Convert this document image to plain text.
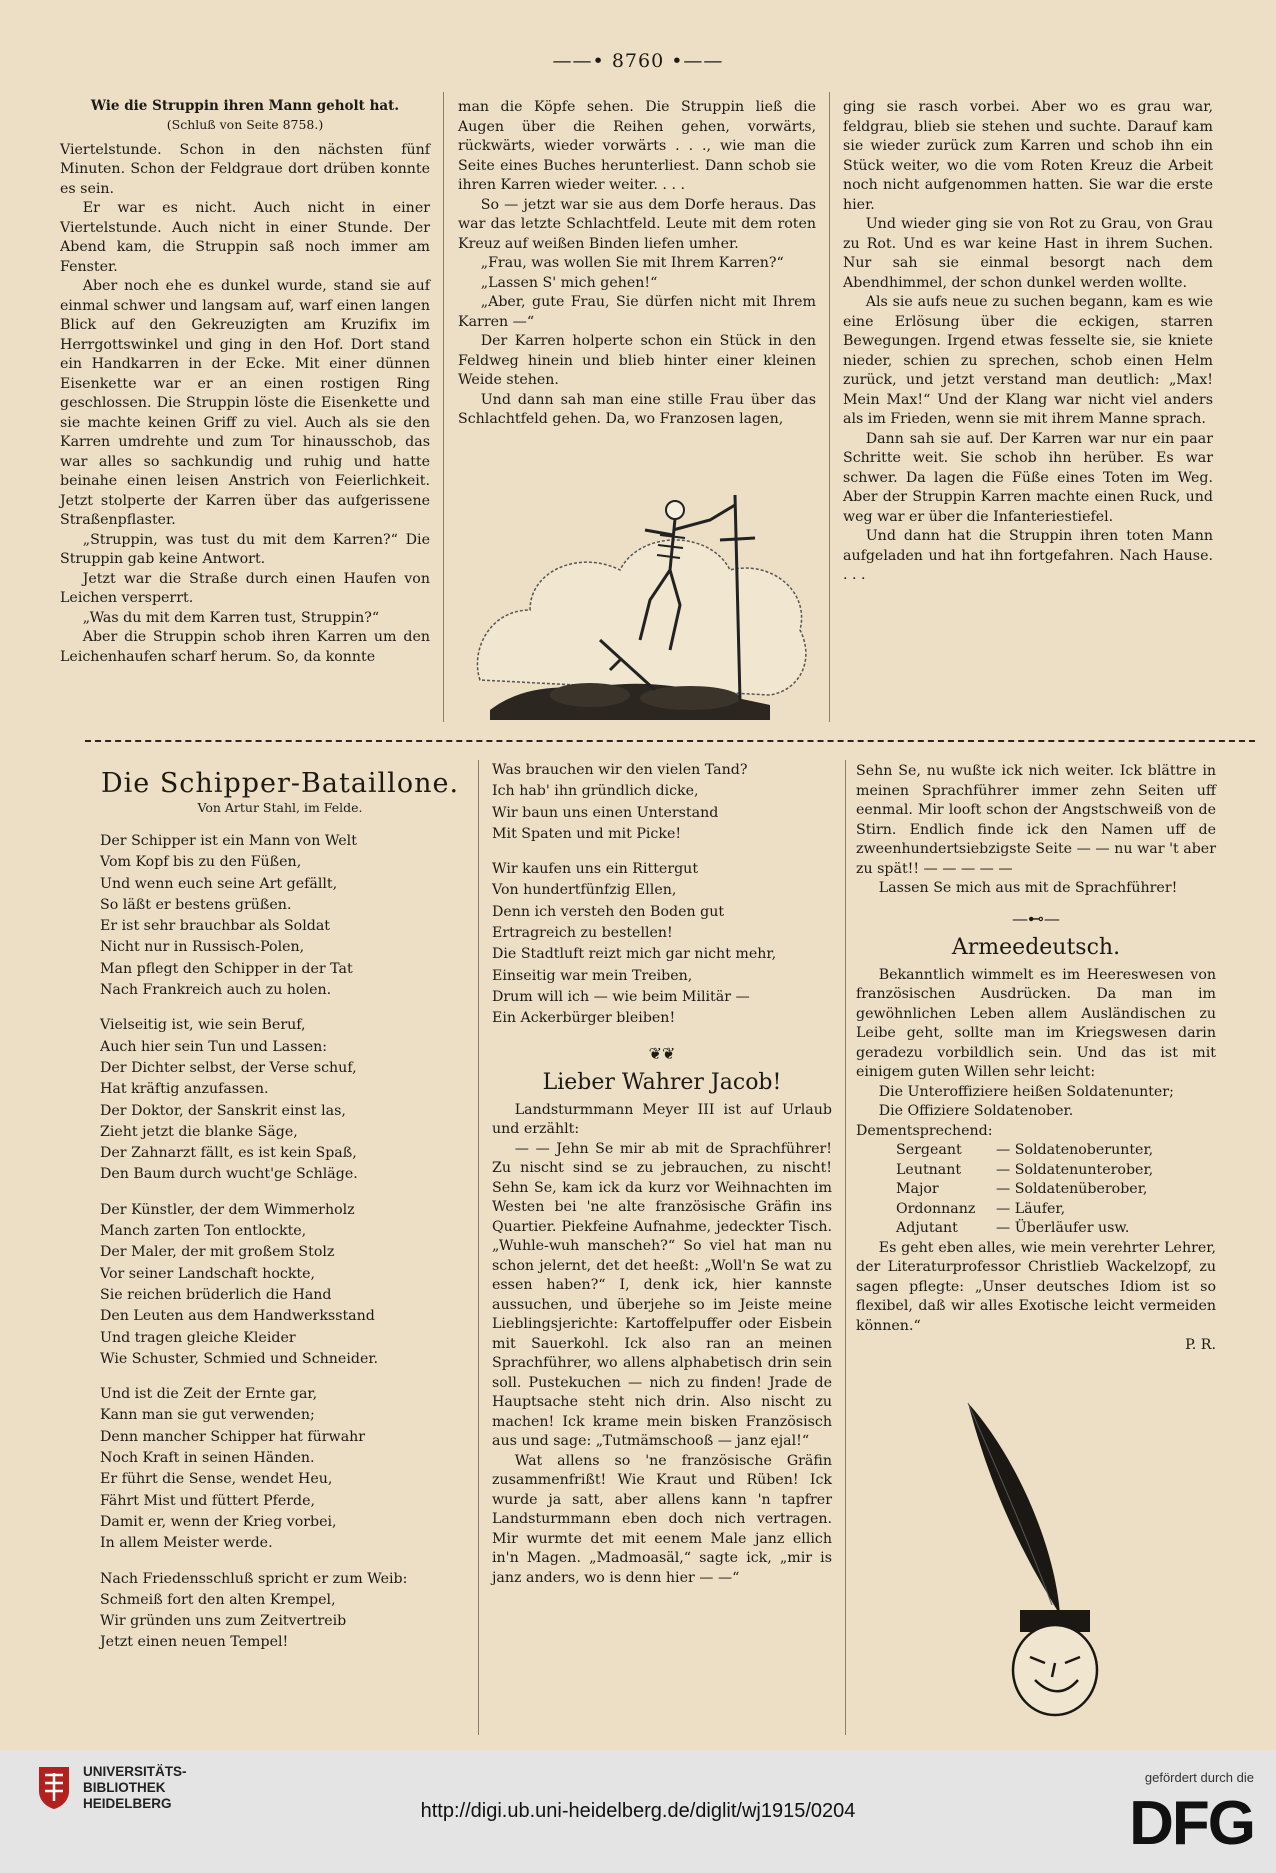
——• 8760 •——
Wie die Struppin ihren Mann geholt hat.
(Schluß von Seite 8758.)

Viertelstunde. Schon in den nächsten fünf Minuten. Schon der Feldgraue dort drüben konnte es sein.

Er war es nicht. Auch nicht in einer Viertelstunde. Auch nicht in einer Stunde. Der Abend kam, die Struppin saß noch immer am Fenster.

Aber noch ehe es dunkel wurde, stand sie auf einmal schwer und langsam auf, warf einen langen Blick auf den Gekreuzigten am Kruzifix im Herrgottswinkel und ging in den Hof. Dort stand ein Handkarren in der Ecke. Mit einer dünnen Eisenkette war er an einen rostigen Ring geschlossen. Die Struppin löste die Eisenkette und sie machte keinen Griff zu viel. Auch als sie den Karren umdrehte und zum Tor hinausschob, das war alles so sachkundig und ruhig und hatte beinahe einen leisen Anstrich von Feierlichkeit. Jetzt stolperte der Karren über das aufgerissene Straßenpflaster.

„Struppin, was tust du mit dem Karren?“ Die Struppin gab keine Antwort.

Jetzt war die Straße durch einen Haufen von Leichen versperrt.

„Was du mit dem Karren tust, Struppin?“

Aber die Struppin schob ihren Karren um den Leichenhaufen scharf herum. So, da konnte

man die Köpfe sehen. Die Struppin ließ die Augen über die Reihen gehen, vorwärts, rückwärts, wieder vorwärts . . ., wie man die Seite eines Buches herunterliest. Dann schob sie ihren Karren wieder weiter. . . .

So — jetzt war sie aus dem Dorfe heraus. Das war das letzte Schlachtfeld. Leute mit dem roten Kreuz auf weißen Binden liefen umher.

„Frau, was wollen Sie mit Ihrem Karren?“

„Lassen S' mich gehen!“

„Aber, gute Frau, Sie dürfen nicht mit Ihrem Karren —“

Der Karren holperte schon ein Stück in den Feldweg hinein und blieb hinter einer kleinen Weide stehen.

Und dann sah man eine stille Frau über das Schlachtfeld gehen. Da, wo Franzosen lagen,

ging sie rasch vorbei. Aber wo es grau war, feldgrau, blieb sie stehen und suchte. Darauf kam sie wieder zurück zum Karren und schob ihn ein Stück weiter, wo die vom Roten Kreuz die Arbeit noch nicht aufgenommen hatten. Sie war die erste hier.

Und wieder ging sie von Rot zu Grau, von Grau zu Rot. Und es war keine Hast in ihrem Suchen. Nur sah sie einmal besorgt nach dem Abendhimmel, der schon dunkel werden wollte.

Als sie aufs neue zu suchen begann, kam es wie eine Erlösung über die eckigen, starren Bewegungen. Irgend etwas fesselte sie, sie kniete nieder, schien zu sprechen, schob einen Helm zurück, und jetzt verstand man deutlich: „Max! Mein Max!“ Und der Klang war nicht viel anders als im Frieden, wenn sie mit ihrem Manne sprach.

Dann sah sie auf. Der Karren war nur ein paar Schritte weit. Sie schob ihn herüber. Es war schwer. Da lagen die Füße eines Toten im Weg. Aber der Struppin Karren machte einen Ruck, und weg war er über die Infanteriestiefel.

Und dann hat die Struppin ihren toten Mann aufgeladen und hat ihn fortgefahren. Nach Hause. . . .

Die Schipper-Bataillone.
Von Artur Stahl, im Felde.
Der Schipper ist ein Mann von Welt
Vom Kopf bis zu den Füßen,
Und wenn euch seine Art gefällt,
So läßt er bestens grüßen.
Er ist sehr brauchbar als Soldat
Nicht nur in Russisch-Polen,
Man pflegt den Schipper in der Tat
Nach Frankreich auch zu holen.
Vielseitig ist, wie sein Beruf,
Auch hier sein Tun und Lassen:
Der Dichter selbst, der Verse schuf,
Hat kräftig anzufassen.
Der Doktor, der Sanskrit einst las,
Zieht jetzt die blanke Säge,
Der Zahnarzt fällt, es ist kein Spaß,
Den Baum durch wucht'ge Schläge.
Der Künstler, der dem Wimmerholz
Manch zarten Ton entlockte,
Der Maler, der mit großem Stolz
Vor seiner Landschaft hockte,
Sie reichen brüderlich die Hand
Den Leuten aus dem Handwerksstand
Und tragen gleiche Kleider
Wie Schuster, Schmied und Schneider.
Und ist die Zeit der Ernte gar,
Kann man sie gut verwenden;
Denn mancher Schipper hat fürwahr
Noch Kraft in seinen Händen.
Er führt die Sense, wendet Heu,
Fährt Mist und füttert Pferde,
Damit er, wenn der Krieg vorbei,
In allem Meister werde.
Nach Friedensschluß spricht er zum Weib:
Schmeiß fort den alten Krempel,
Wir gründen uns zum Zeitvertreib
Jetzt einen neuen Tempel!
Was brauchen wir den vielen Tand?
Ich hab' ihn gründlich dicke,
Wir baun uns einen Unterstand
Mit Spaten und mit Picke!
Wir kaufen uns ein Rittergut
Von hundertfünfzig Ellen,
Denn ich versteh den Boden gut
Ertragreich zu bestellen!
Die Stadtluft reizt mich gar nicht mehr,
Einseitig war mein Treiben,
Drum will ich — wie beim Militär —
Ein Ackerbürger bleiben!
❦❦
Lieber Wahrer Jacob!

Landsturmmann Meyer III ist auf Urlaub und erzählt:

— — Jehn Se mir ab mit de Sprachführer! Zu nischt sind se zu jebrauchen, zu nischt! Sehn Se, kam ick da kurz vor Weihnachten im Westen bei 'ne alte französische Gräfin ins Quartier. Piekfeine Aufnahme, jedeckter Tisch. „Wuhle-wuh manscheh?“ So viel hat man nu schon jelernt, det det heeßt: „Woll'n Se wat zu essen haben?“ I, denk ick, hier kannste aussuchen, und überjehe so im Jeiste meine Lieblingsjerichte: Kartoffelpuffer oder Eisbein mit Sauerkohl. Ick also ran an meinen Sprachführer, wo allens alphabetisch drin sein soll. Pustekuchen — nich zu finden! Jrade de Hauptsache steht nich drin. Also nischt zu machen! Ick krame mein bisken Französisch aus und sage: „Tutmämschooß — janz ejal!“

Wat allens so 'ne französische Gräfin zusammenfrißt! Wie Kraut und Rüben! Ick wurde ja satt, aber allens kann 'n tapfrer Landsturmmann eben doch nich vertragen. Mir wurmte det mit eenem Male janz ellich in'n Magen. „Madmoasäl,“ sagte ick, „mir is janz anders, wo is denn hier — —“

Sehn Se, nu wußte ick nich weiter. Ick blättre in meinen Sprachführer immer zehn Seiten uff eenmal. Mir looft schon der Angstschweiß von de Stirn. Endlich finde ick den Namen uff de zweenhundertsiebzigste Seite — — nu war 't aber zu spät!! — — — — —

Lassen Se mich aus mit de Sprachführer!

—⊷—
Armeedeutsch.

Bekanntlich wimmelt es im Heereswesen von französischen Ausdrücken. Da man im gewöhnlichen Leben allem Ausländischen zu Leibe geht, sollte man im Kriegswesen darin geradezu vorbildlich sein. Und das ist mit einigem guten Willen sehr leicht:

Die Unteroffiziere heißen Soldatenunter;

Die Offiziere Soldatenober.

Dementsprechend:

Sergeant	— Soldatenoberunter,
Leutnant	— Soldatenunterober,
Major	— Soldatenüberober,
Ordonnanz	— Läufer,
Adjutant	— Überläufer usw.

Es geht eben alles, wie mein verehrter Lehrer, der Literaturprofessor Christlieb Wackelzopf, zu sagen pflegte: „Unser deutsches Idiom ist so flexibel, daß wir alles Exotische leicht vermeiden können.“

P. R.
UNIVERSITÄTS-
BIBLIOTHEK
HEIDELBERG	http://digi.ub.uni-heidelberg.de/diglit/wj1915/0204
gefördert durch die
DFG
